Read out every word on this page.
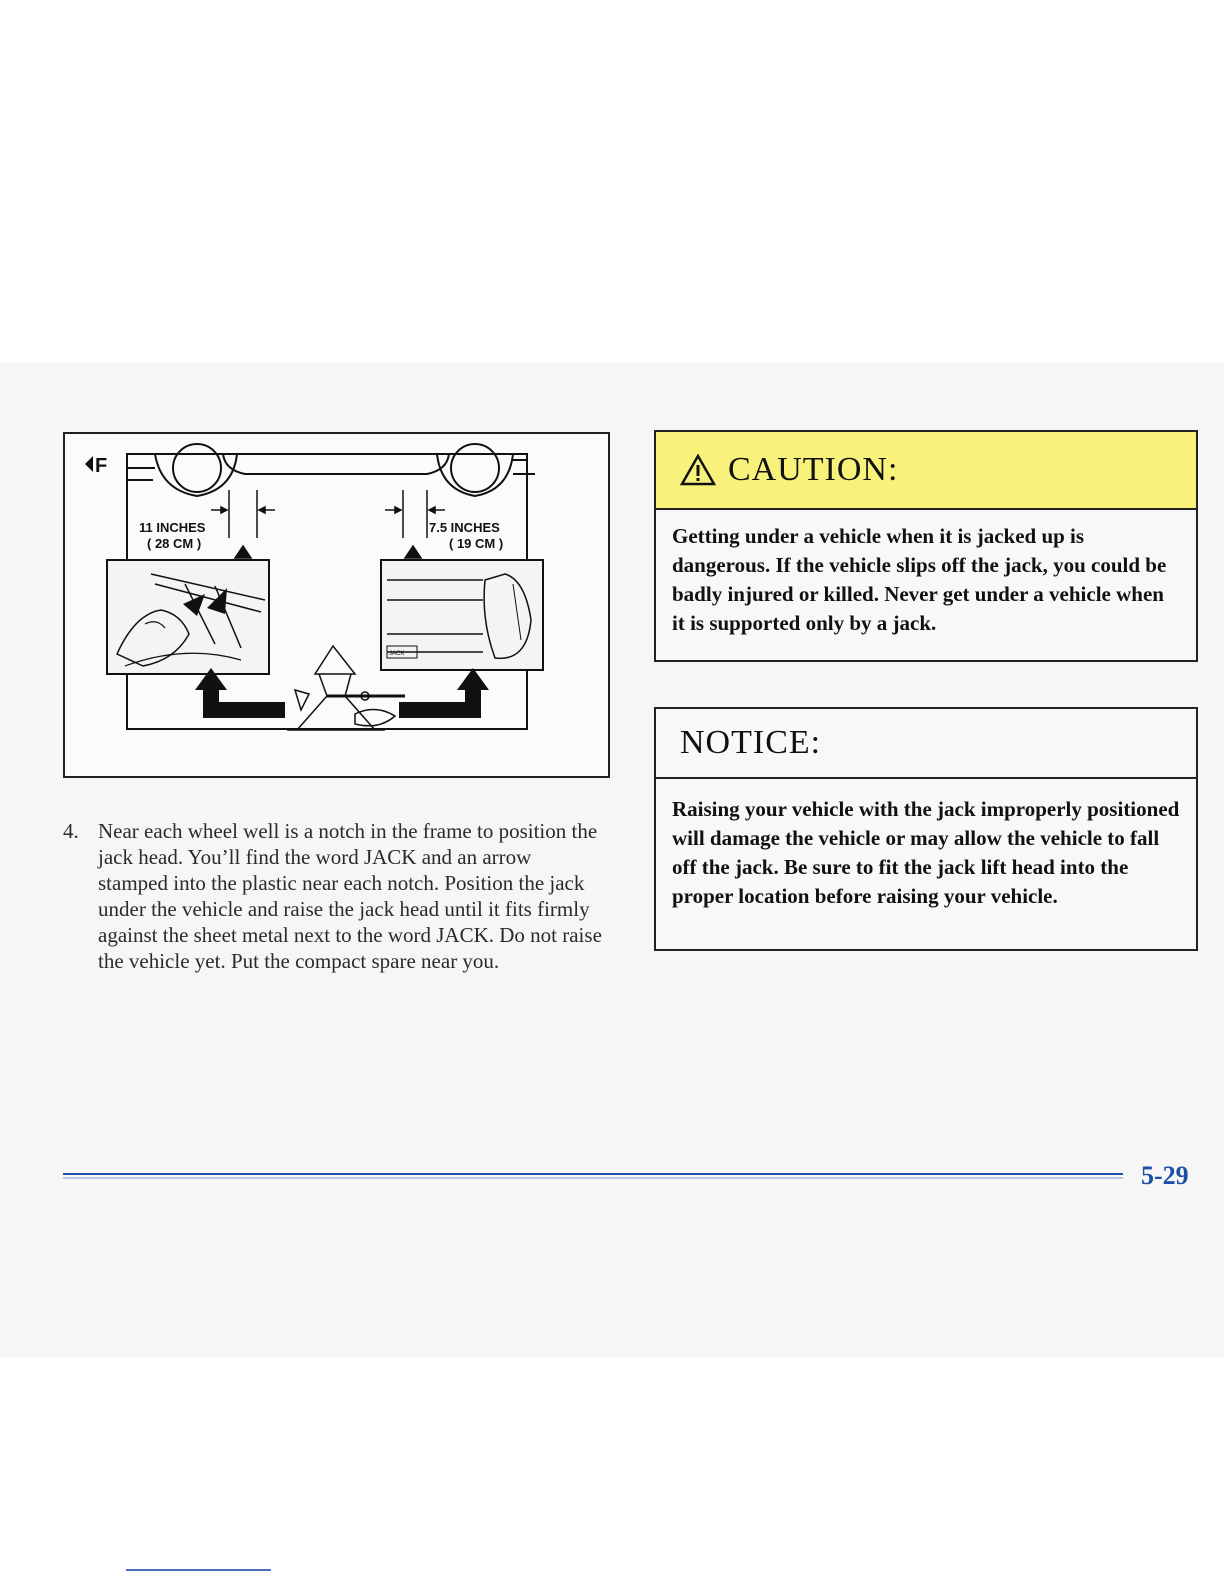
F
11 INCHES
( 28 CM )
7.5 INCHES
( 19 CM )
JACK
4. Near each wheel well is a notch in the frame to position the jack head. You’ll find the word JACK and an arrow stamped into the plastic near each notch. Position the jack under the vehicle and raise the jack head until it fits firmly against the sheet metal next to the word JACK. Do not raise the vehicle yet. Put the compact spare near you.
CAUTION:
Getting under a vehicle when it is jacked up is dangerous. If the vehicle slips off the jack, you could be badly injured or killed. Never get under a vehicle when it is supported only by a jack.
NOTICE:
Raising your vehicle with the jack improperly positioned will damage the vehicle or may allow the vehicle to fall off the jack. Be sure to fit the jack lift head into the proper location before raising your vehicle.
5-29
